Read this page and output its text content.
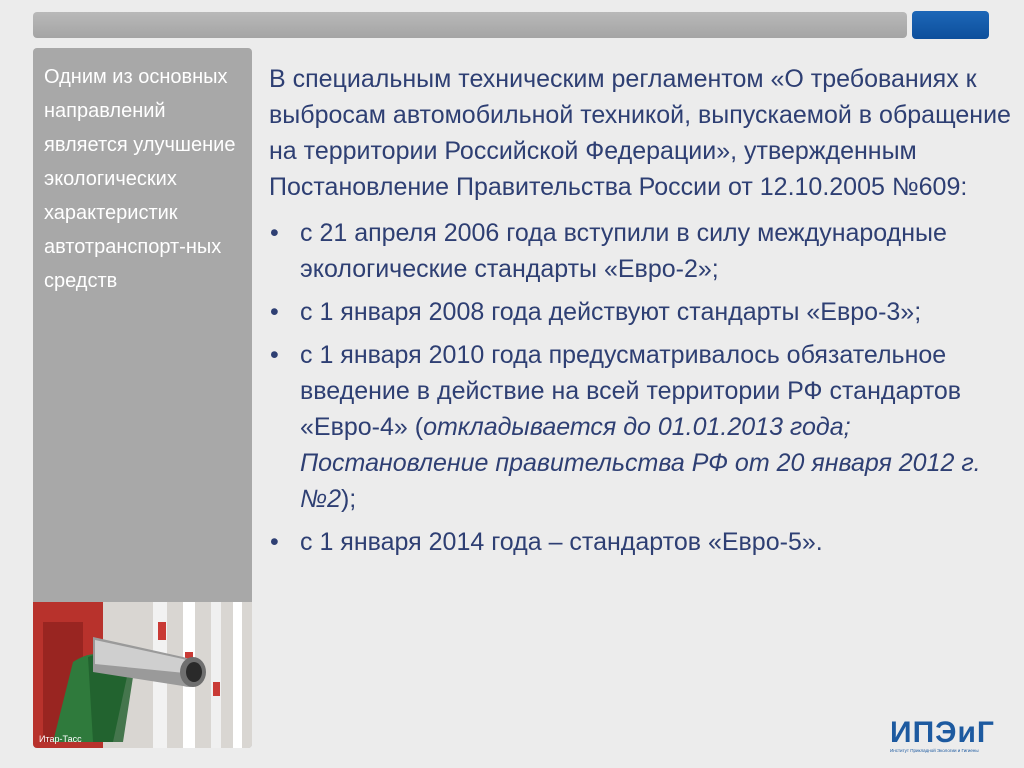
Одним из основных направлений является улучшение экологических характеристик автотранспорт-ных средств
Итар-Тасс

В специальным техническим регламентом «О требованиях к выбросам автомобильной техникой, выпускаемой в обращение на территории Российской Федерации», утвержденным Постановление Правительства России от 12.10.2005 №609:

• с 21 апреля 2006 года вступили в силу международные экологические стандарты «Евро-2»;
• с 1 января 2008 года действуют стандарты «Евро-3»;
• с 1 января 2010 года предусматривалось обязательное введение в действие на всей территории РФ стандартов «Евро-4» (откладывается до 01.01.2013 года; Постановление правительства РФ от 20 января 2012 г. №2);
• с 1 января 2014 года – стандартов «Евро-5».
ИПЭиГ
Институт Прикладной Экологии и Гигиены
